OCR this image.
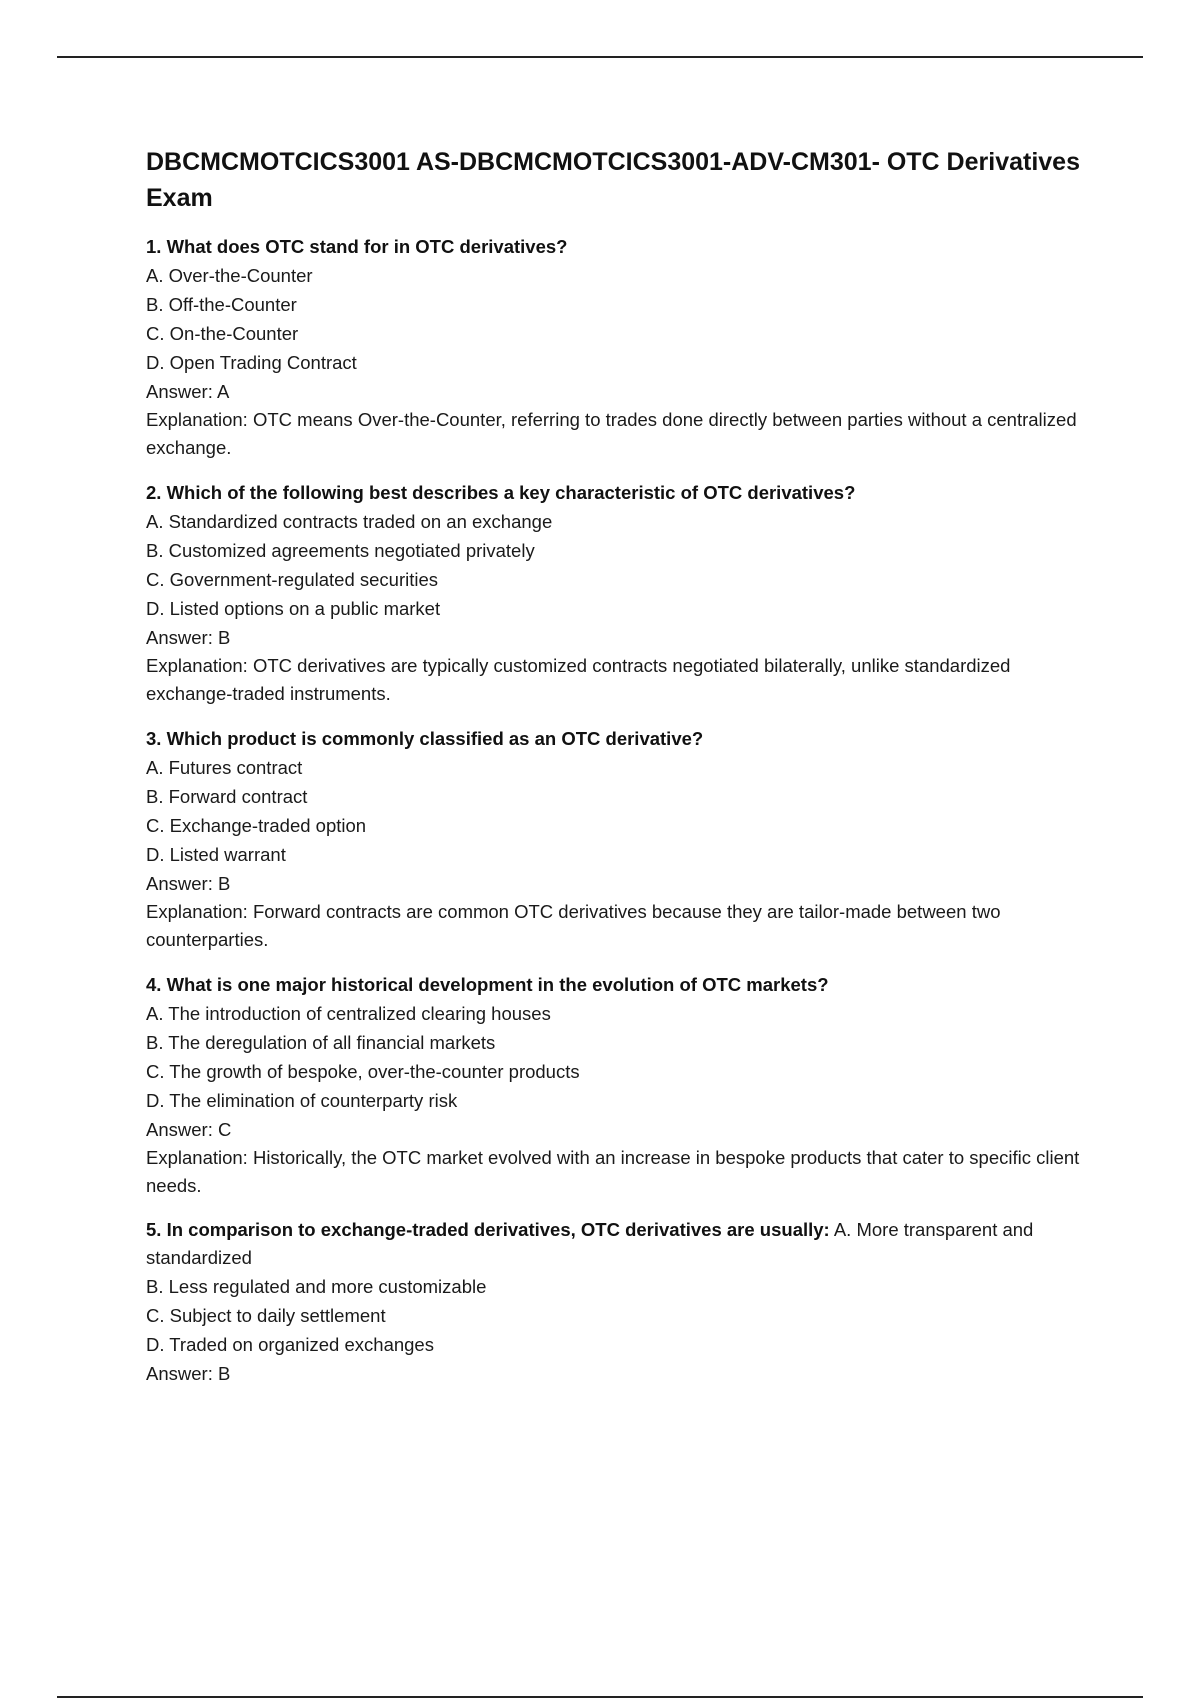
DBCMCMOTCICS3001 AS-DBCMCMOTCICS3001-ADV-CM301- OTC Derivatives Exam
1. What does OTC stand for in OTC derivatives?
A. Over-the-Counter
B. Off-the-Counter
C. On-the-Counter
D. Open Trading Contract
Answer: A
Explanation: OTC means Over-the-Counter, referring to trades done directly between parties without a centralized exchange.
2. Which of the following best describes a key characteristic of OTC derivatives?
A. Standardized contracts traded on an exchange
B. Customized agreements negotiated privately
C. Government-regulated securities
D. Listed options on a public market
Answer: B
Explanation: OTC derivatives are typically customized contracts negotiated bilaterally, unlike standardized exchange-traded instruments.
3. Which product is commonly classified as an OTC derivative?
A. Futures contract
B. Forward contract
C. Exchange-traded option
D. Listed warrant
Answer: B
Explanation: Forward contracts are common OTC derivatives because they are tailor-made between two counterparties.
4. What is one major historical development in the evolution of OTC markets?
A. The introduction of centralized clearing houses
B. The deregulation of all financial markets
C. The growth of bespoke, over-the-counter products
D. The elimination of counterparty risk
Answer: C
Explanation: Historically, the OTC market evolved with an increase in bespoke products that cater to specific client needs.
5. In comparison to exchange-traded derivatives, OTC derivatives are usually: A. More transparent and standardized
B. Less regulated and more customizable
C. Subject to daily settlement
D. Traded on organized exchanges
Answer: B
